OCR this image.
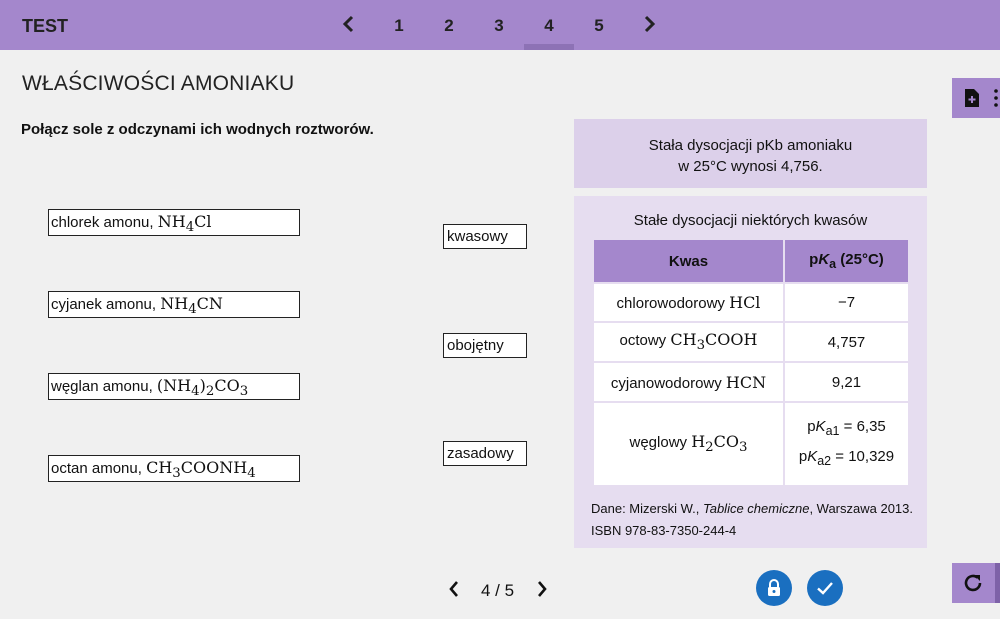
TEST	1	2	3	4	5
WŁAŚCIWOŚCI AMONIAKU
Połącz sole z odczynami ich wodnych roztworów.
chlorek amonu, $NH_4Cl$
cyjanek amonu, $NH_4CN$
węglan amonu, $(NH_4)_2CO_3$
octan amonu, $CH_3COONH_4$
kwasowy
obojętny
zasadowy
Stała dysocjacji pKb amoniaku
w 25°C wynosi 4,756.
Stałe dysocjacji niektórych kwasów
Kwas	$pK_a$ (25°C)
chlorowodorowy HCl	−7
octowy $CH_3COOH$	4,757
cyjanowodorowy HCN	9,21
węglowy $H_2CO_3$	$pK_{a1} = 6,35$
$pK_{a2} = 10,329$
Dane: Mizerski W., Tablice chemiczne, Warszawa 2013.
ISBN 978-83-7350-244-4
4 / 5
